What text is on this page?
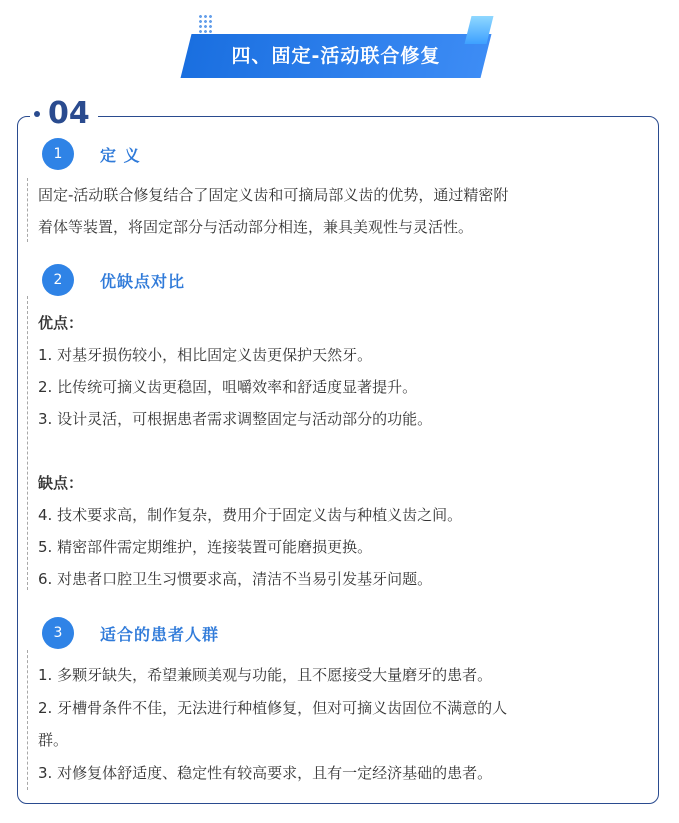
四、固定-活动联合修复
04
1	定 义
固定-活动联合修复结合了固定义齿和可摘局部义齿的优势，通过精密附
着体等装置，将固定部分与活动部分相连，兼具美观性与灵活性。
2	优缺点对比
优点：
1. 对基牙损伤较小，相比固定义齿更保护天然牙。
2. 比传统可摘义齿更稳固，咀嚼效率和舒适度显著提升。
3. 设计灵活，可根据患者需求调整固定与活动部分的功能。
缺点：
4. 技术要求高，制作复杂，费用介于固定义齿与种植义齿之间。
5. 精密部件需定期维护，连接装置可能磨损更换。
6. 对患者口腔卫生习惯要求高，清洁不当易引发基牙问题。
3	适合的患者人群
1. 多颗牙缺失，希望兼顾美观与功能，且不愿接受大量磨牙的患者。
2. 牙槽骨条件不佳，无法进行种植修复，但对可摘义齿固位不满意的人
群。
3. 对修复体舒适度、稳定性有较高要求，且有一定经济基础的患者。
